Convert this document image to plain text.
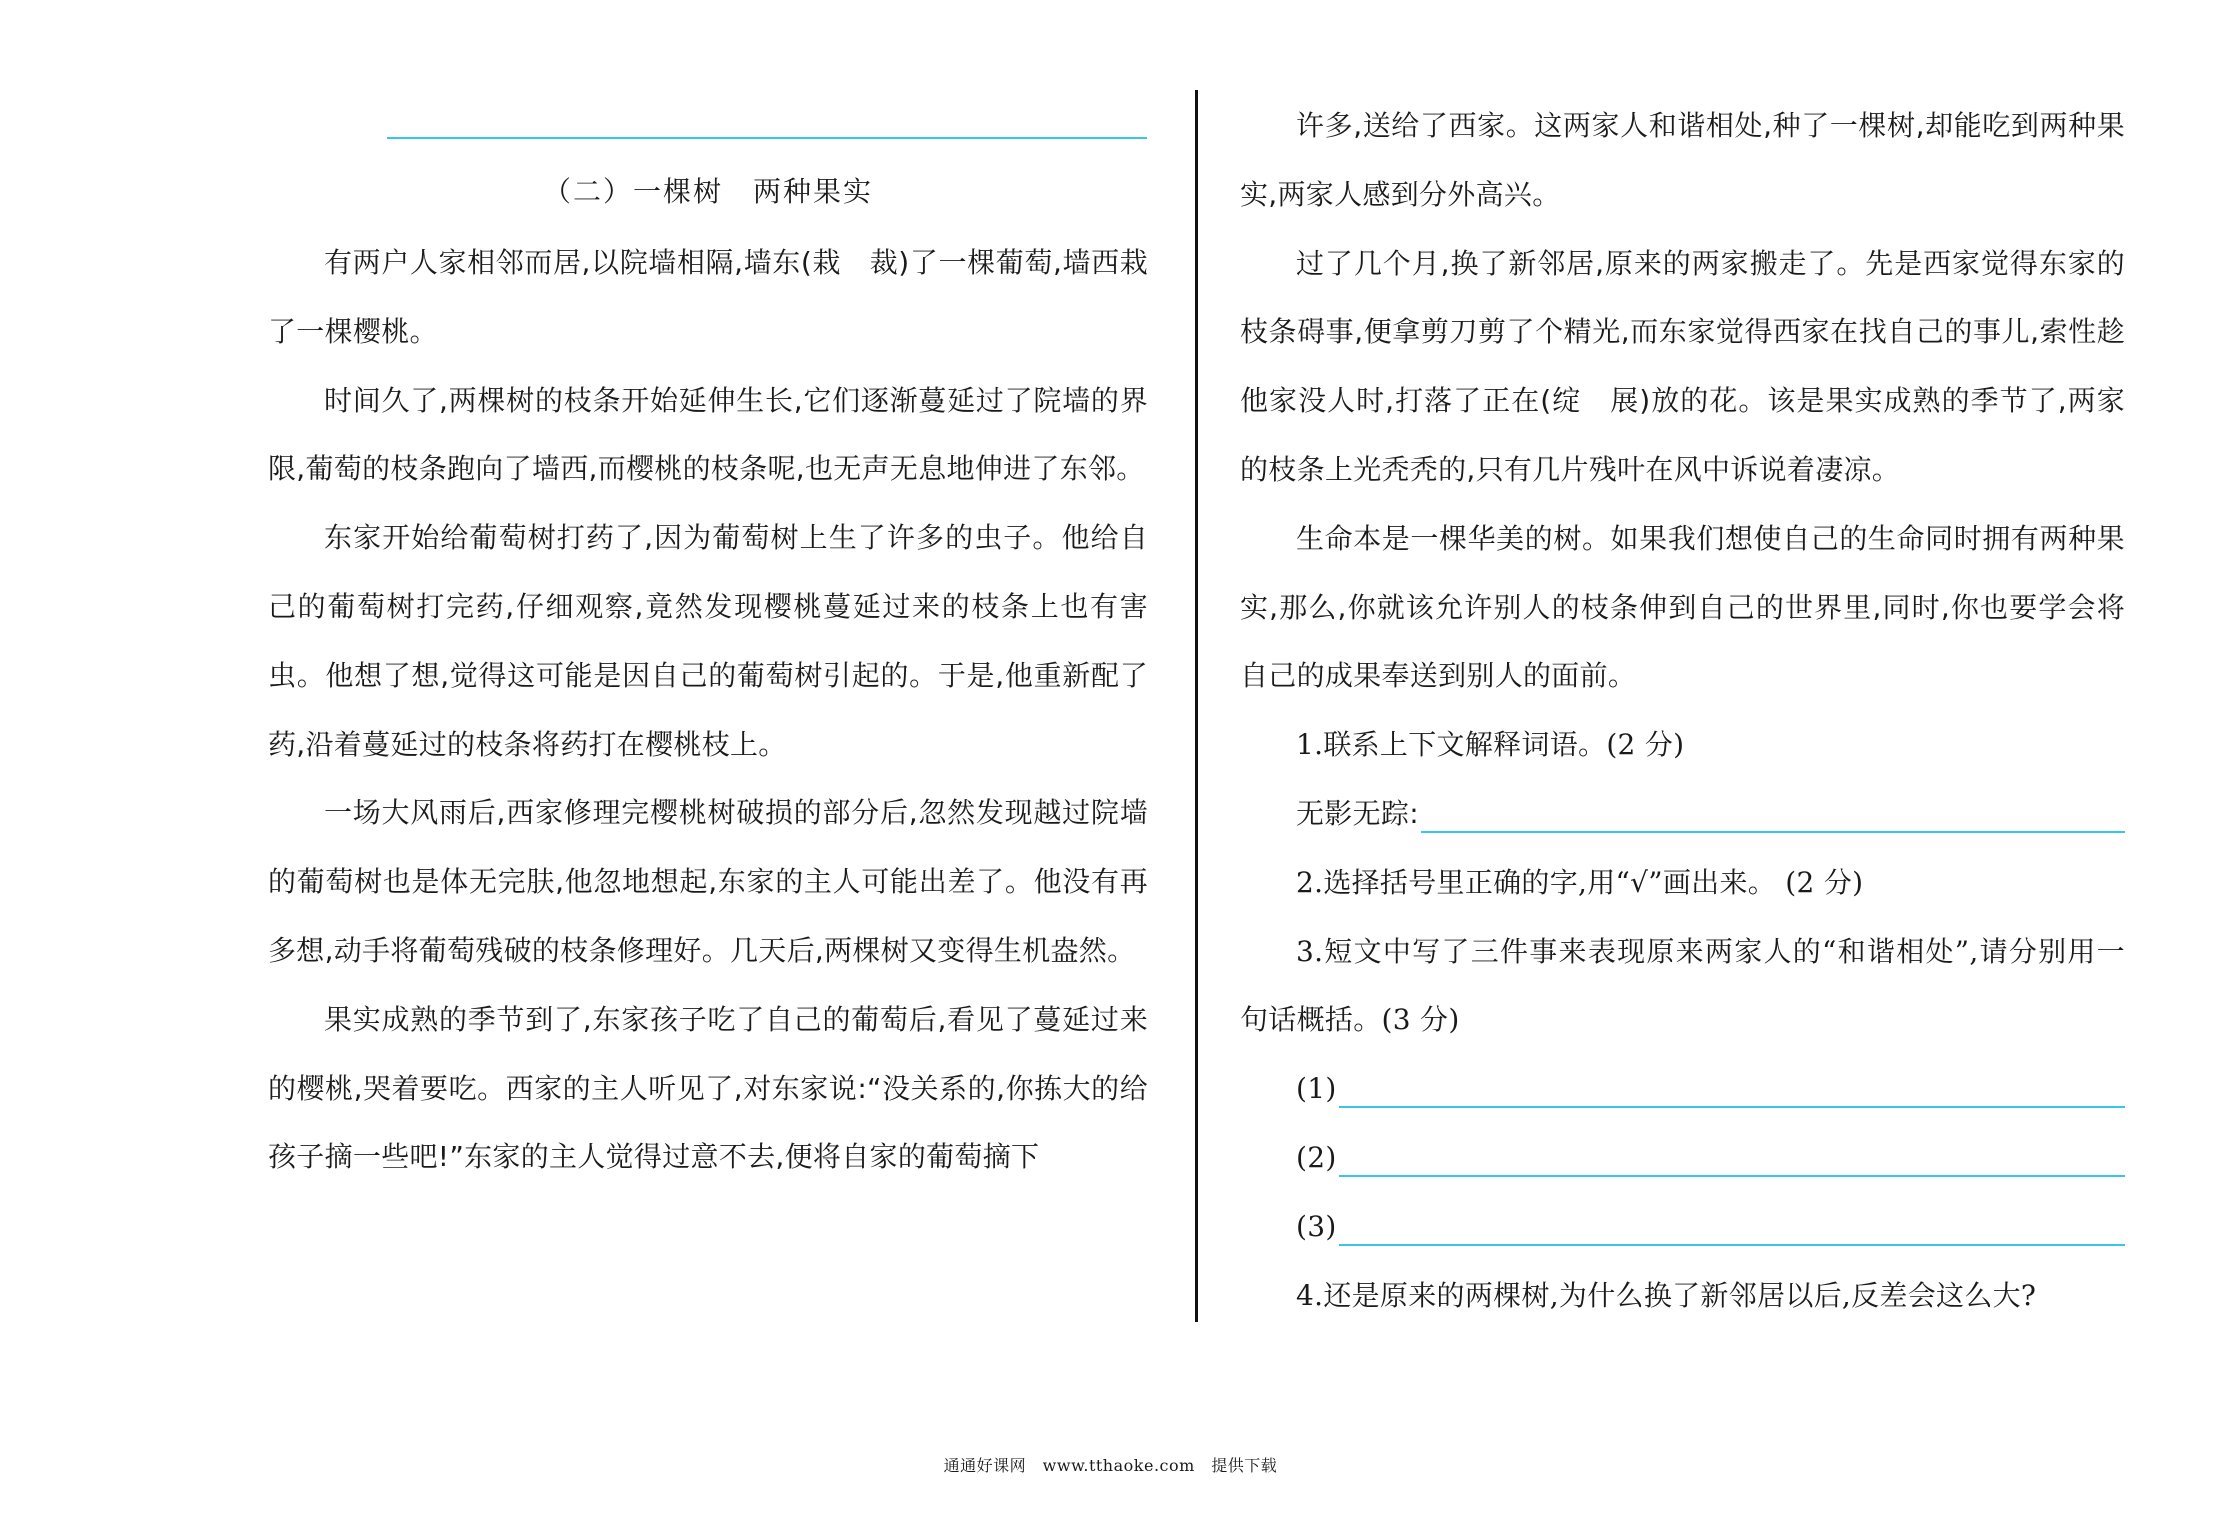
（二）一棵树　两种果实

有两户人家相邻而居,以院墙相隔,墙东(栽　裁)了一棵葡萄,墙西栽了一棵樱桃。

时间久了,两棵树的枝条开始延伸生长,它们逐渐蔓延过了院墙的界限,葡萄的枝条跑向了墙西,而樱桃的枝条呢,也无声无息地伸进了东邻。

东家开始给葡萄树打药了,因为葡萄树上生了许多的虫子。他给自己的葡萄树打完药,仔细观察,竟然发现樱桃蔓延过来的枝条上也有害虫。他想了想,觉得这可能是因自己的葡萄树引起的。于是,他重新配了药,沿着蔓延过的枝条将药打在樱桃枝上。

一场大风雨后,西家修理完樱桃树破损的部分后,忽然发现越过院墙的葡萄树也是体无完肤,他忽地想起,东家的主人可能出差了。他没有再多想,动手将葡萄残破的枝条修理好。几天后,两棵树又变得生机盎然。

果实成熟的季节到了,东家孩子吃了自己的葡萄后,看见了蔓延过来的樱桃,哭着要吃。西家的主人听见了,对东家说:“没关系的,你拣大的给孩子摘一些吧!”东家的主人觉得过意不去,便将自家的葡萄摘下

许多,送给了西家。这两家人和谐相处,种了一棵树,却能吃到两种果实,两家人感到分外高兴。

过了几个月,换了新邻居,原来的两家搬走了。先是西家觉得东家的枝条碍事,便拿剪刀剪了个精光,而东家觉得西家在找自己的事儿,索性趁他家没人时,打落了正在(绽　展)放的花。该是果实成熟的季节了,两家的枝条上光秃秃的,只有几片残叶在风中诉说着凄凉。

生命本是一棵华美的树。如果我们想使自己的生命同时拥有两种果实,那么,你就该允许别人的枝条伸到自己的世界里,同时,你也要学会将自己的成果奉送到别人的面前。

1.联系上下文解释词语。(2 分)

无影无踪:

2.选择括号里正确的字,用“√”画出来。 (2 分)

3.短文中写了三件事来表现原来两家人的“和谐相处”,请分别用一句话概括。(3 分)

(1)
(2)
(3)

4.还是原来的两棵树,为什么换了新邻居以后,反差会这么大?

通通好课网　www.tthaoke.com　提供下载
